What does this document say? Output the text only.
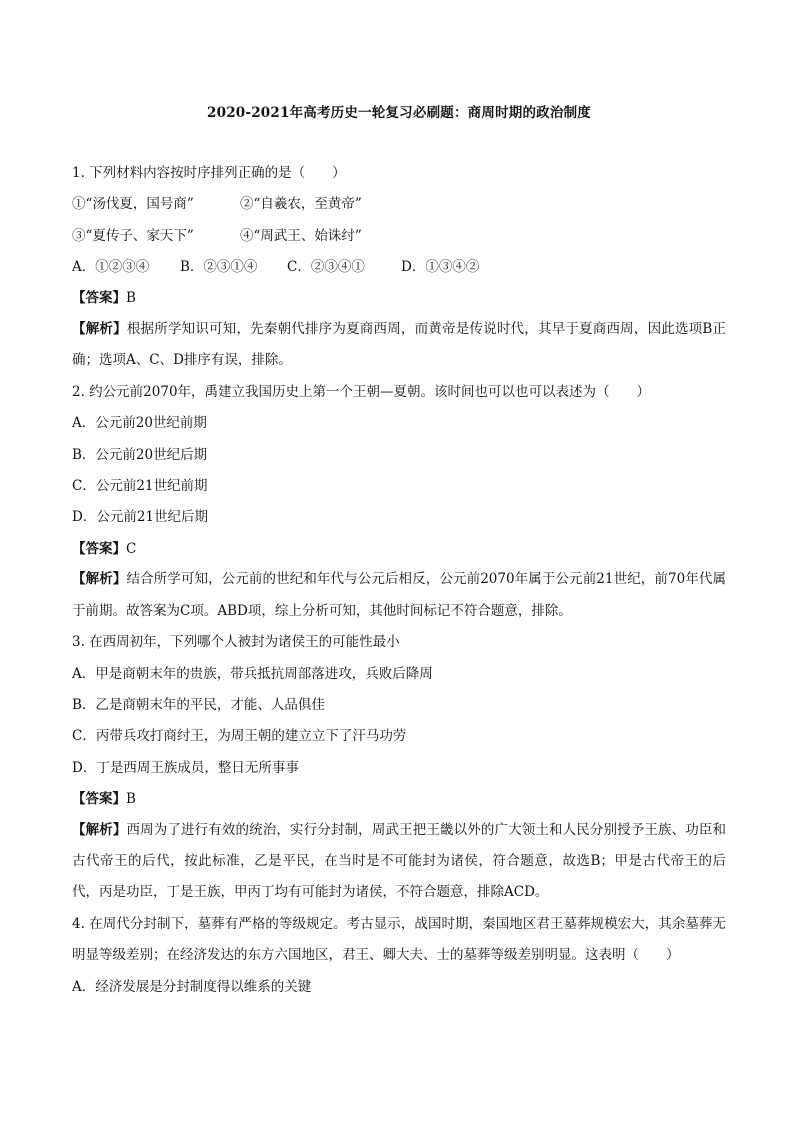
2020-2021年高考历史一轮复习必刷题：商周时期的政治制度
1. 下列材料内容按时序排列正确的是（　　）
①“汤伐夏，国号商”	②“自羲农，至黄帝”
③“夏传子、家天下”	④“周武王、始诛纣”
A．①②③④ B．②③①④ C．②③④①	D．①③④②
【答案】B
【解析】根据所学知识可知，先秦朝代排序为夏商西周，而黄帝是传说时代，其早于夏商西周，因此选项B正确；选项A、C、D排序有误，排除。
2. 约公元前2070年，禹建立我国历史上第一个王朝—夏朝。该时间也可以也可以表述为（　　）
A．公元前20世纪前期
B．公元前20世纪后期
C．公元前21世纪前期
D．公元前21世纪后期
【答案】C
【解析】结合所学可知，公元前的世纪和年代与公元后相反，公元前2070年属于公元前21世纪，前70年代属于前期。故答案为C项。ABD项，综上分析可知，其他时间标记不符合题意，排除。
3. 在西周初年，下列哪个人被封为诸侯王的可能性最小
A．甲是商朝末年的贵族，带兵抵抗周部落进攻，兵败后降周
B．乙是商朝末年的平民，才能、人品俱佳
C．丙带兵攻打商纣王，为周王朝的建立立下了汗马功劳
D．丁是西周王族成员，整日无所事事
【答案】B
【解析】西周为了进行有效的统治，实行分封制，周武王把王畿以外的广大领土和人民分别授予王族、功臣和古代帝王的后代，按此标准，乙是平民，在当时是不可能封为诸侯，符合题意，故选B；甲是古代帝王的后代，丙是功臣，丁是王族，甲丙丁均有可能封为诸侯，不符合题意，排除ACD。
4. 在周代分封制下，墓葬有严格的等级规定。考古显示，战国时期，秦国地区君王墓葬规模宏大，其余墓葬无明显等级差别；在经济发达的东方六国地区，君王、卿大夫、士的墓葬等级差别明显。这表明（　　）
A．经济发展是分封制度得以维系的关键
